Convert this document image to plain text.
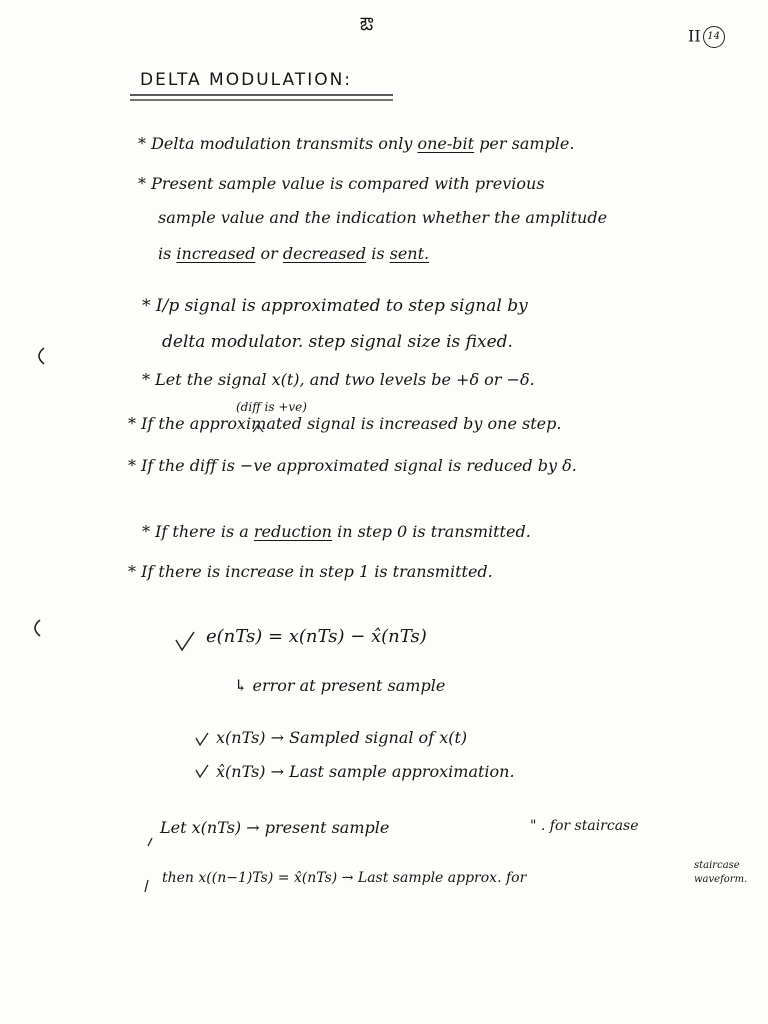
ఔ
II 14
DELTA MODULATION:
* Delta modulation transmits only one-bit per sample.
* Present sample value is compared with previous
sample value and the indication whether the amplitude
is increased or decreased is sent.
* I/p signal is approximated to step signal by
delta modulator. step signal size is fixed.
* Let the signal x(t), and two levels be +δ or −δ.
(diff is +ve)
* If the approximated signal is increased by one step.
* If the diff is −ve approximated signal is reduced by δ.
* If there is a reduction in step 0 is transmitted.
* If there is increase in step 1 is transmitted.
e(nTs) = x(nTs) − x̂(nTs)
↳ error at present sample
x(nTs) → Sampled signal of x(t)
x̂(nTs) → Last sample approximation.
Let x(nTs) → present sample	" . for staircase
then x((n−1)Ts) = x̂(nTs) → Last sample approx. for
staircase
waveform.
